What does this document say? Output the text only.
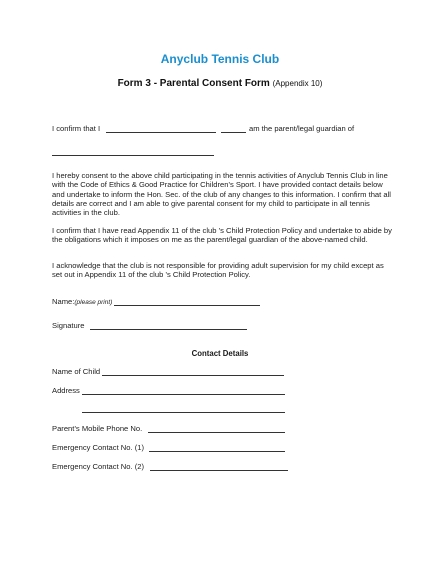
Anyclub Tennis Club
Form 3 - Parental Consent Form (Appendix 10)
I confirm that I	am the parent/legal guardian of
I hereby consent to the above child participating in the tennis activities of Anyclub Tennis Club in line with the Code of Ethics & Good Practice for Children’s Sport. I have provided contact details below and undertake to inform the Hon. Sec. of the club of any changes to this information. I confirm that all details are correct and I am able to give parental consent for my child to participate in all tennis activities in the club.
I confirm that I have read Appendix 11 of the club ’s Child Protection Policy and undertake to abide by the obligations which it imposes on me as the parent/legal guardian of the above-named child.
I acknowledge that the club is not responsible for providing adult supervision for my child except as set out in Appendix 11 of the club ’s Child Protection Policy.
Name:(please print)
Signature
Contact Details
Name of Child
Address
Parent’s Mobile Phone No.
Emergency Contact No. (1)
Emergency Contact No. (2)
